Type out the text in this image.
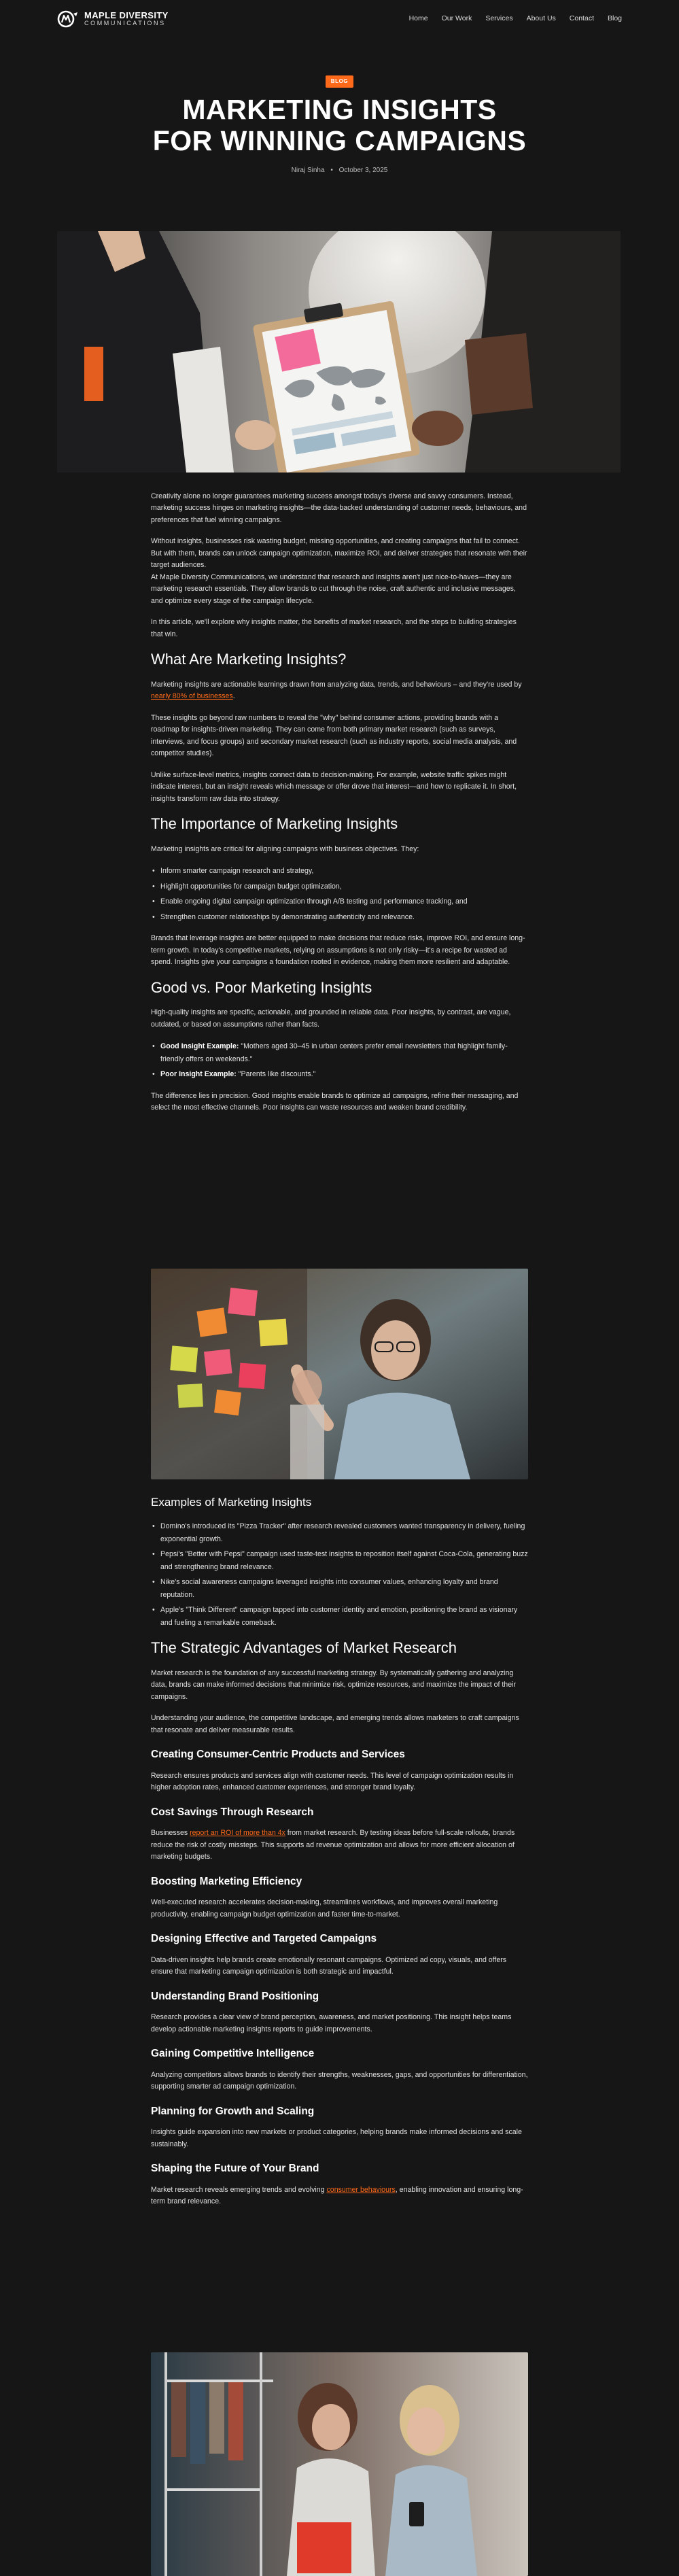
MAPLE DIVERSITY
COMMUNICATIONS
Home Our Work Services About Us Contact Blog
BLOG
MARKETING INSIGHTS FOR WINNING CAMPAIGNS
Niraj Sinha • October 3, 2025

Creativity alone no longer guarantees marketing success amongst today's diverse and savvy consumers. Instead, marketing success hinges on marketing insights—the data-backed understanding of customer needs, behaviours, and preferences that fuel winning campaigns.

Without insights, businesses risk wasting budget, missing opportunities, and creating campaigns that fail to connect. But with them, brands can unlock campaign optimization, maximize ROI, and deliver strategies that resonate with their target audiences.
At Maple Diversity Communications, we understand that research and insights aren't just nice-to-haves—they are marketing research essentials. They allow brands to cut through the noise, craft authentic and inclusive messages, and optimize every stage of the campaign lifecycle.

In this article, we'll explore why insights matter, the benefits of market research, and the steps to building strategies that win.

What Are Marketing Insights?

Marketing insights are actionable learnings drawn from analyzing data, trends, and behaviours – and they're used by nearly 80% of businesses.

These insights go beyond raw numbers to reveal the "why" behind consumer actions, providing brands with a roadmap for insights-driven marketing. They can come from both primary market research (such as surveys, interviews, and focus groups) and secondary market research (such as industry reports, social media analysis, and competitor studies).

Unlike surface-level metrics, insights connect data to decision-making. For example, website traffic spikes might indicate interest, but an insight reveals which message or offer drove that interest—and how to replicate it. In short, insights transform raw data into strategy.

The Importance of Marketing Insights

Marketing insights are critical for aligning campaigns with business objectives. They:

• Inform smarter campaign research and strategy,
• Highlight opportunities for campaign budget optimization,
• Enable ongoing digital campaign optimization through A/B testing and performance tracking, and
• Strengthen customer relationships by demonstrating authenticity and relevance.

Brands that leverage insights are better equipped to make decisions that reduce risks, improve ROI, and ensure long-term growth. In today's competitive markets, relying on assumptions is not only risky—it's a recipe for wasted ad spend. Insights give your campaigns a foundation rooted in evidence, making them more resilient and adaptable.

Good vs. Poor Marketing Insights

High-quality insights are specific, actionable, and grounded in reliable data. Poor insights, by contrast, are vague, outdated, or based on assumptions rather than facts.

• Good Insight Example: "Mothers aged 30–45 in urban centers prefer email newsletters that highlight family-friendly offers on weekends."
• Poor Insight Example: "Parents like discounts."

The difference lies in precision. Good insights enable brands to optimize ad campaigns, refine their messaging, and select the most effective channels. Poor insights can waste resources and weaken brand credibility.

Examples of Marketing Insights
• Domino's introduced its "Pizza Tracker" after research revealed customers wanted transparency in delivery, fueling exponential growth.
• Pepsi's "Better with Pepsi" campaign used taste-test insights to reposition itself against Coca-Cola, generating buzz and strengthening brand relevance.
• Nike's social awareness campaigns leveraged insights into consumer values, enhancing loyalty and brand reputation.
• Apple's "Think Different" campaign tapped into customer identity and emotion, positioning the brand as visionary and fueling a remarkable comeback.
The Strategic Advantages of Market Research

Market research is the foundation of any successful marketing strategy. By systematically gathering and analyzing data, brands can make informed decisions that minimize risk, optimize resources, and maximize the impact of their campaigns.

Understanding your audience, the competitive landscape, and emerging trends allows marketers to craft campaigns that resonate and deliver measurable results.

Creating Consumer-Centric Products and Services

Research ensures products and services align with customer needs. This level of campaign optimization results in higher adoption rates, enhanced customer experiences, and stronger brand loyalty.

Cost Savings Through Research

Businesses report an ROI of more than 4x from market research. By testing ideas before full-scale rollouts, brands reduce the risk of costly missteps. This supports ad revenue optimization and allows for more efficient allocation of marketing budgets.

Boosting Marketing Efficiency

Well-executed research accelerates decision-making, streamlines workflows, and improves overall marketing productivity, enabling campaign budget optimization and faster time-to-market.

Designing Effective and Targeted Campaigns

Data-driven insights help brands create emotionally resonant campaigns. Optimized ad copy, visuals, and offers ensure that marketing campaign optimization is both strategic and impactful.

Understanding Brand Positioning

Research provides a clear view of brand perception, awareness, and market positioning. This insight helps teams develop actionable marketing insights reports to guide improvements.

Gaining Competitive Intelligence

Analyzing competitors allows brands to identify their strengths, weaknesses, gaps, and opportunities for differentiation, supporting smarter ad campaign optimization.

Planning for Growth and Scaling

Insights guide expansion into new markets or product categories, helping brands make informed decisions and scale sustainably.

Shaping the Future of Your Brand

Market research reveals emerging trends and evolving consumer behaviours, enabling innovation and ensuring long-term brand relevance.
